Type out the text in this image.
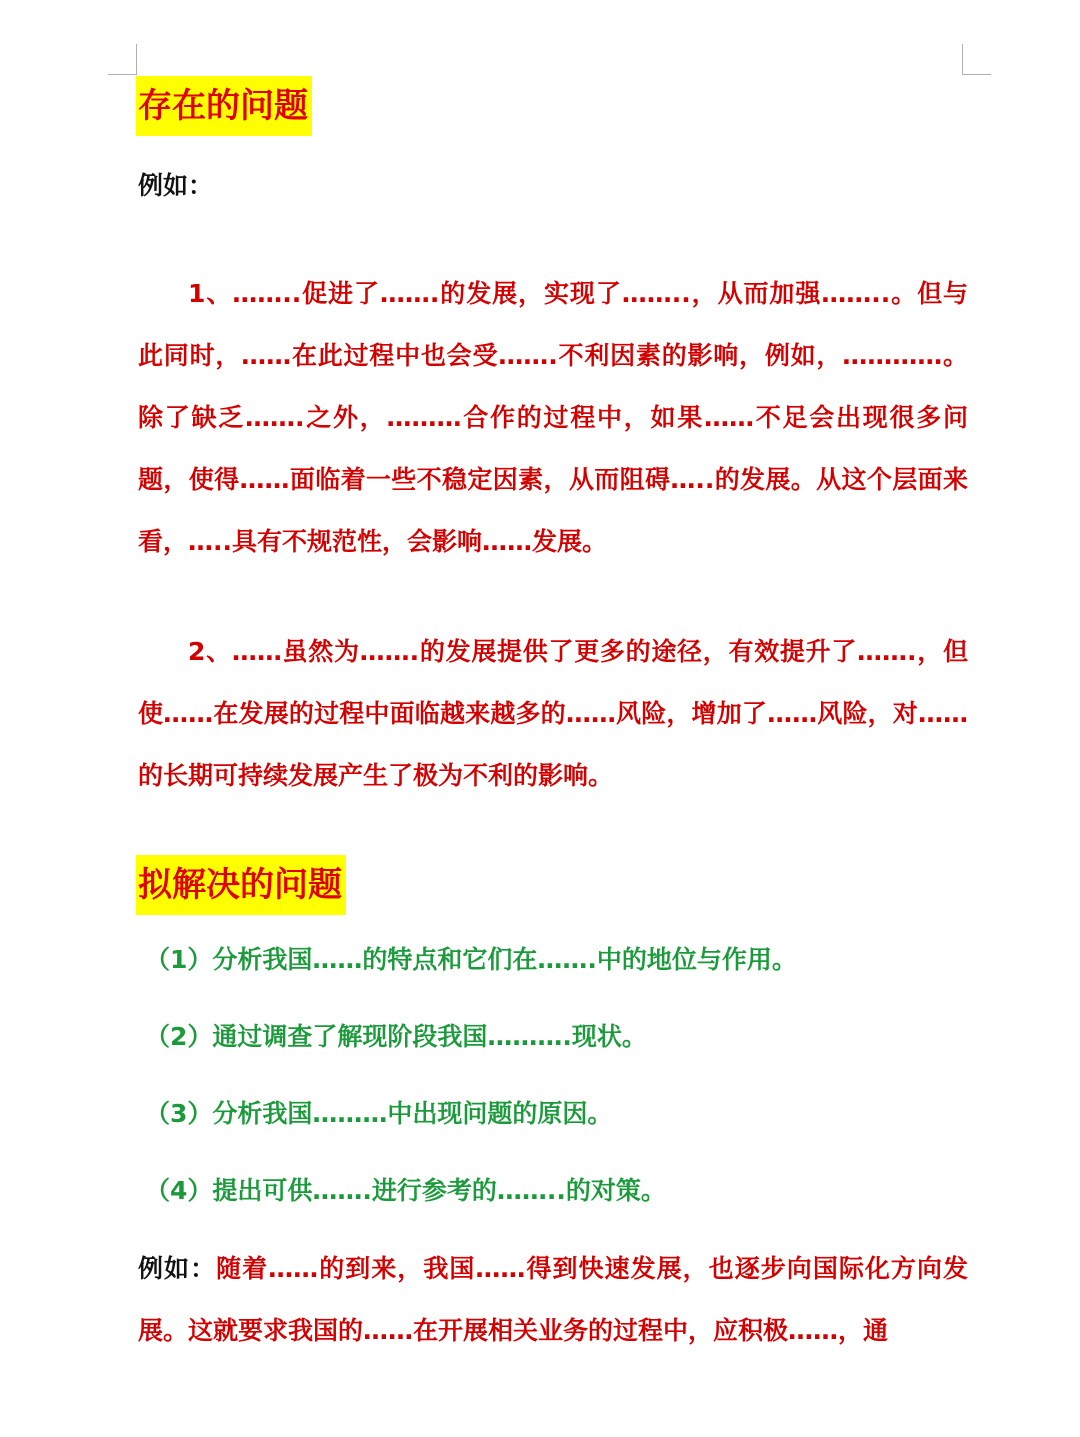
存在的问题
例如：

1、……..促进了…….的发展，实现了……..，从而加强……..。但与此同时，……在此过程中也会受…….不利因素的影响，例如，…………。除了缺乏…….之外，………合作的过程中，如果……不足会出现很多问题，使得……面临着一些不稳定因素，从而阻碍…..的发展。从这个层面来看，…..具有不规范性，会影响……发展。

2、……虽然为…….的发展提供了更多的途径，有效提升了…….，但使……在发展的过程中面临越来越多的……风险，增加了……风险，对……的长期可持续发展产生了极为不利的影响。

拟解决的问题
（1）分析我国……的特点和它们在…….中的地位与作用。
（2）通过调查了解现阶段我国……….现状。
（3）分析我国………中出现问题的原因。
（4）提出可供…….进行参考的……..的对策。

例如：随着……的到来，我国……得到快速发展，也逐步向国际化方向发展。这就要求我国的……在开展相关业务的过程中，应积极……，通
